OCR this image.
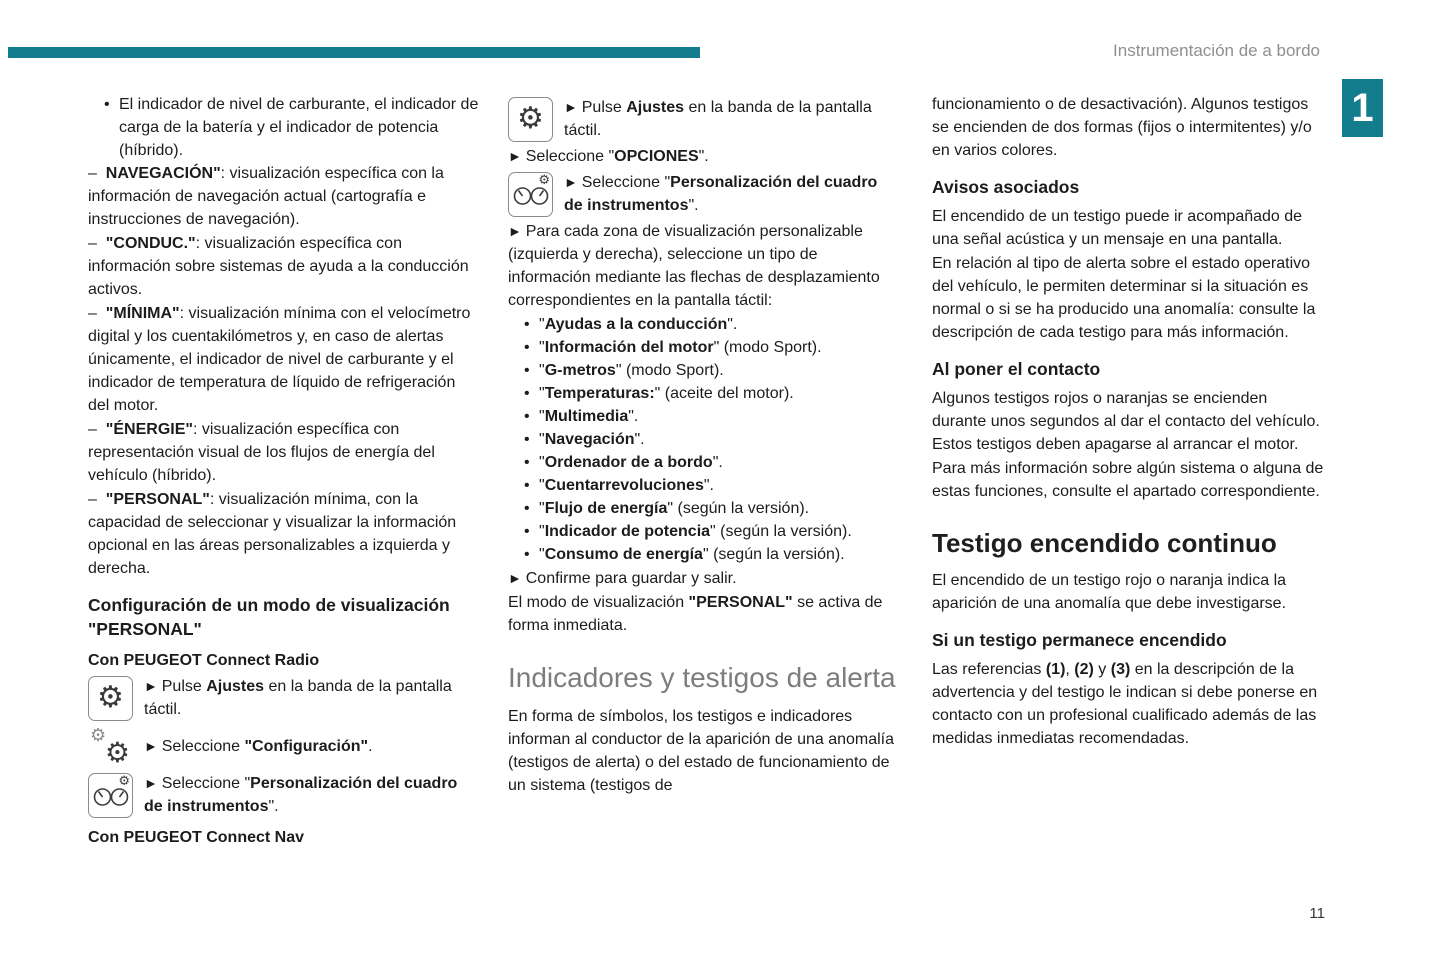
Instrumentación de a bordo
1
• El indicador de nivel de carburante, el indicador de carga de la batería y el indicador de potencia (híbrido).
–  NAVEGACIÓN": visualización específica con la información de navegación actual (cartografía e instrucciones de navegación).
–  "CONDUC.": visualización específica con información sobre sistemas de ayuda a la conducción activos.
–  "MÍNIMA": visualización mínima con el velocímetro digital y los cuentakilómetros y, en caso de alertas únicamente, el indicador de nivel de carburante y el indicador de temperatura de líquido de refrigeración del motor.
–  "ÉNERGIE": visualización específica con representación visual de los flujos de energía del vehículo (híbrido).
–  "PERSONAL": visualización mínima, con la capacidad de seleccionar y visualizar la información opcional en las áreas personalizables a izquierda y derecha.
Configuración de un modo de visualización "PERSONAL"
Con PEUGEOT Connect Radio
⚙ ► Pulse Ajustes en la banda de la pantalla táctil.
⚙
⚙ ► Seleccione "Configuración".
⚙ ► Seleccione "Personalización del cuadro de instrumentos".
Con PEUGEOT Connect Nav
⚙ ► Pulse Ajustes en la banda de la pantalla táctil.
► Seleccione "OPCIONES".
⚙ ► Seleccione "Personalización del cuadro de instrumentos".
► Para cada zona de visualización personalizable (izquierda y derecha), seleccione un tipo de información mediante las flechas de desplazamiento correspondientes en la pantalla táctil:
• "Ayudas a la conducción".
• "Información del motor" (modo Sport).
• "G-metros" (modo Sport).
• "Temperaturas:" (aceite del motor).
• "Multimedia".
• "Navegación".
• "Ordenador de a bordo".
• "Cuentarrevoluciones".
• "Flujo de energía" (según la versión).
• "Indicador de potencia" (según la versión).
• "Consumo de energía" (según la versión).
► Confirme para guardar y salir.
El modo de visualización "PERSONAL" se activa de forma inmediata.
Indicadores y testigos de alerta
En forma de símbolos, los testigos e indicadores informan al conductor de la aparición de una anomalía (testigos de alerta) o del estado de funcionamiento de un sistema (testigos de
funcionamiento o de desactivación). Algunos testigos se encienden de dos formas (fijos o intermitentes) y/o en varios colores.
Avisos asociados
El encendido de un testigo puede ir acompañado de una señal acústica y un mensaje en una pantalla.
En relación al tipo de alerta sobre el estado operativo del vehículo, le permiten determinar si la situación es normal o si se ha producido una anomalía: consulte la descripción de cada testigo para más información.
Al poner el contacto
Algunos testigos rojos o naranjas se encienden durante unos segundos al dar el contacto del vehículo. Estos testigos deben apagarse al arrancar el motor.
Para más información sobre algún sistema o alguna de estas funciones, consulte el apartado correspondiente.
Testigo encendido continuo
El encendido de un testigo rojo o naranja indica la aparición de una anomalía que debe investigarse.
Si un testigo permanece encendido
Las referencias (1), (2) y (3) en la descripción de la advertencia y del testigo le indican si debe ponerse en contacto con un profesional cualificado además de las medidas inmediatas recomendadas.
11
